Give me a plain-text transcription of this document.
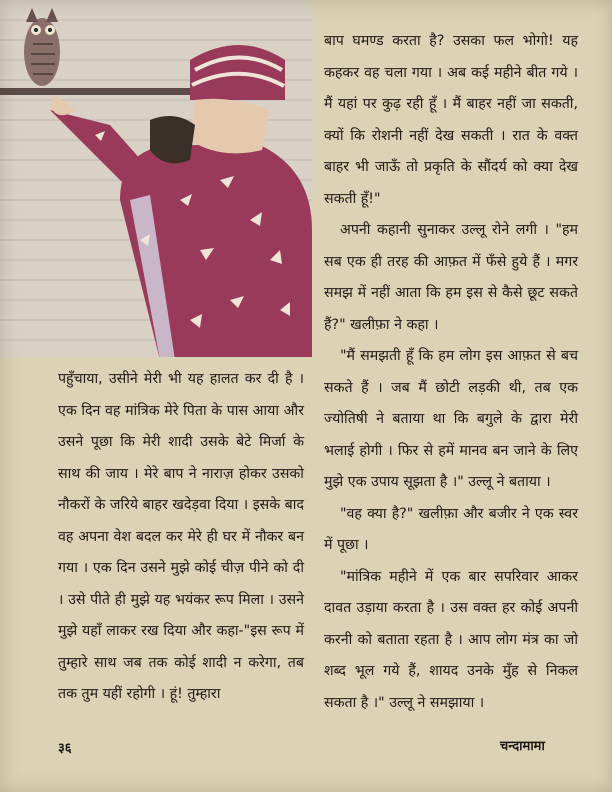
बाप घमण्ड करता है? उसका फल भोगो! यह कहकर वह चला गया । अब कई महीने बीत गये । मैं यहां पर कुढ़ रही हूँ । मैं बाहर नहीं जा सकती, क्यों कि रोशनी नहीं देख सकती । रात के वक्त बाहर भी जाऊँ तो प्रकृति के सौंदर्य को क्या देख सकती हूँ!"

अपनी कहानी सुनाकर उल्लू रोने लगी । "हम सब एक ही तरह की आफ़त में फँसे हुये हैं । मगर समझ में नहीं आता कि हम इस से कैसे छूट सकते हैं?" खलीफ़ा ने कहा ।

"मैं समझती हूँ कि हम लोग इस आफ़त से बच सकते हैं । जब मैं छोटी लड़की थी, तब एक ज्योतिषी ने बताया था कि बगुले के द्वारा मेरी भलाई होगी । फिर से हमें मानव बन जाने के लिए मुझे एक उपाय सूझता है ।" उल्लू ने बताया ।

"वह क्या है?" खलीफ़ा और बजीर ने एक स्वर में पूछा ।

"मांत्रिक महीने में एक बार सपरिवार आकर दावत उड़ाया करता है । उस वक्त हर कोई अपनी करनी को बताता रहता है । आप लोग मंत्र का जो शब्द भूल गये हैं, शायद उनके मुँह से निकल सकता है ।" उल्लू ने समझाया ।

पहुँचाया, उसीने मेरी भी यह हालत कर दी है । एक दिन वह मांत्रिक मेरे पिता के पास आया और उसने पूछा कि मेरी शादी उसके बेटे मिर्जा के साथ की जाय । मेरे बाप ने नाराज़ होकर उसको नौकरों के जरिये बाहर खदेड़वा दिया । इसके बाद वह अपना वेश बदल कर मेरे ही घर में नौकर बन गया । एक दिन उसने मुझे कोई चीज़ पीने को दी । उसे पीते ही मुझे यह भयंकर रूप मिला । उसने मुझे यहाँ लाकर रख दिया और कहा-"इस रूप में तुम्हारे साथ जब तक कोई शादी न करेगा, तब तक तुम यहीं रहोगी । हूं! तुम्हारा

३६	चन्दामामा
